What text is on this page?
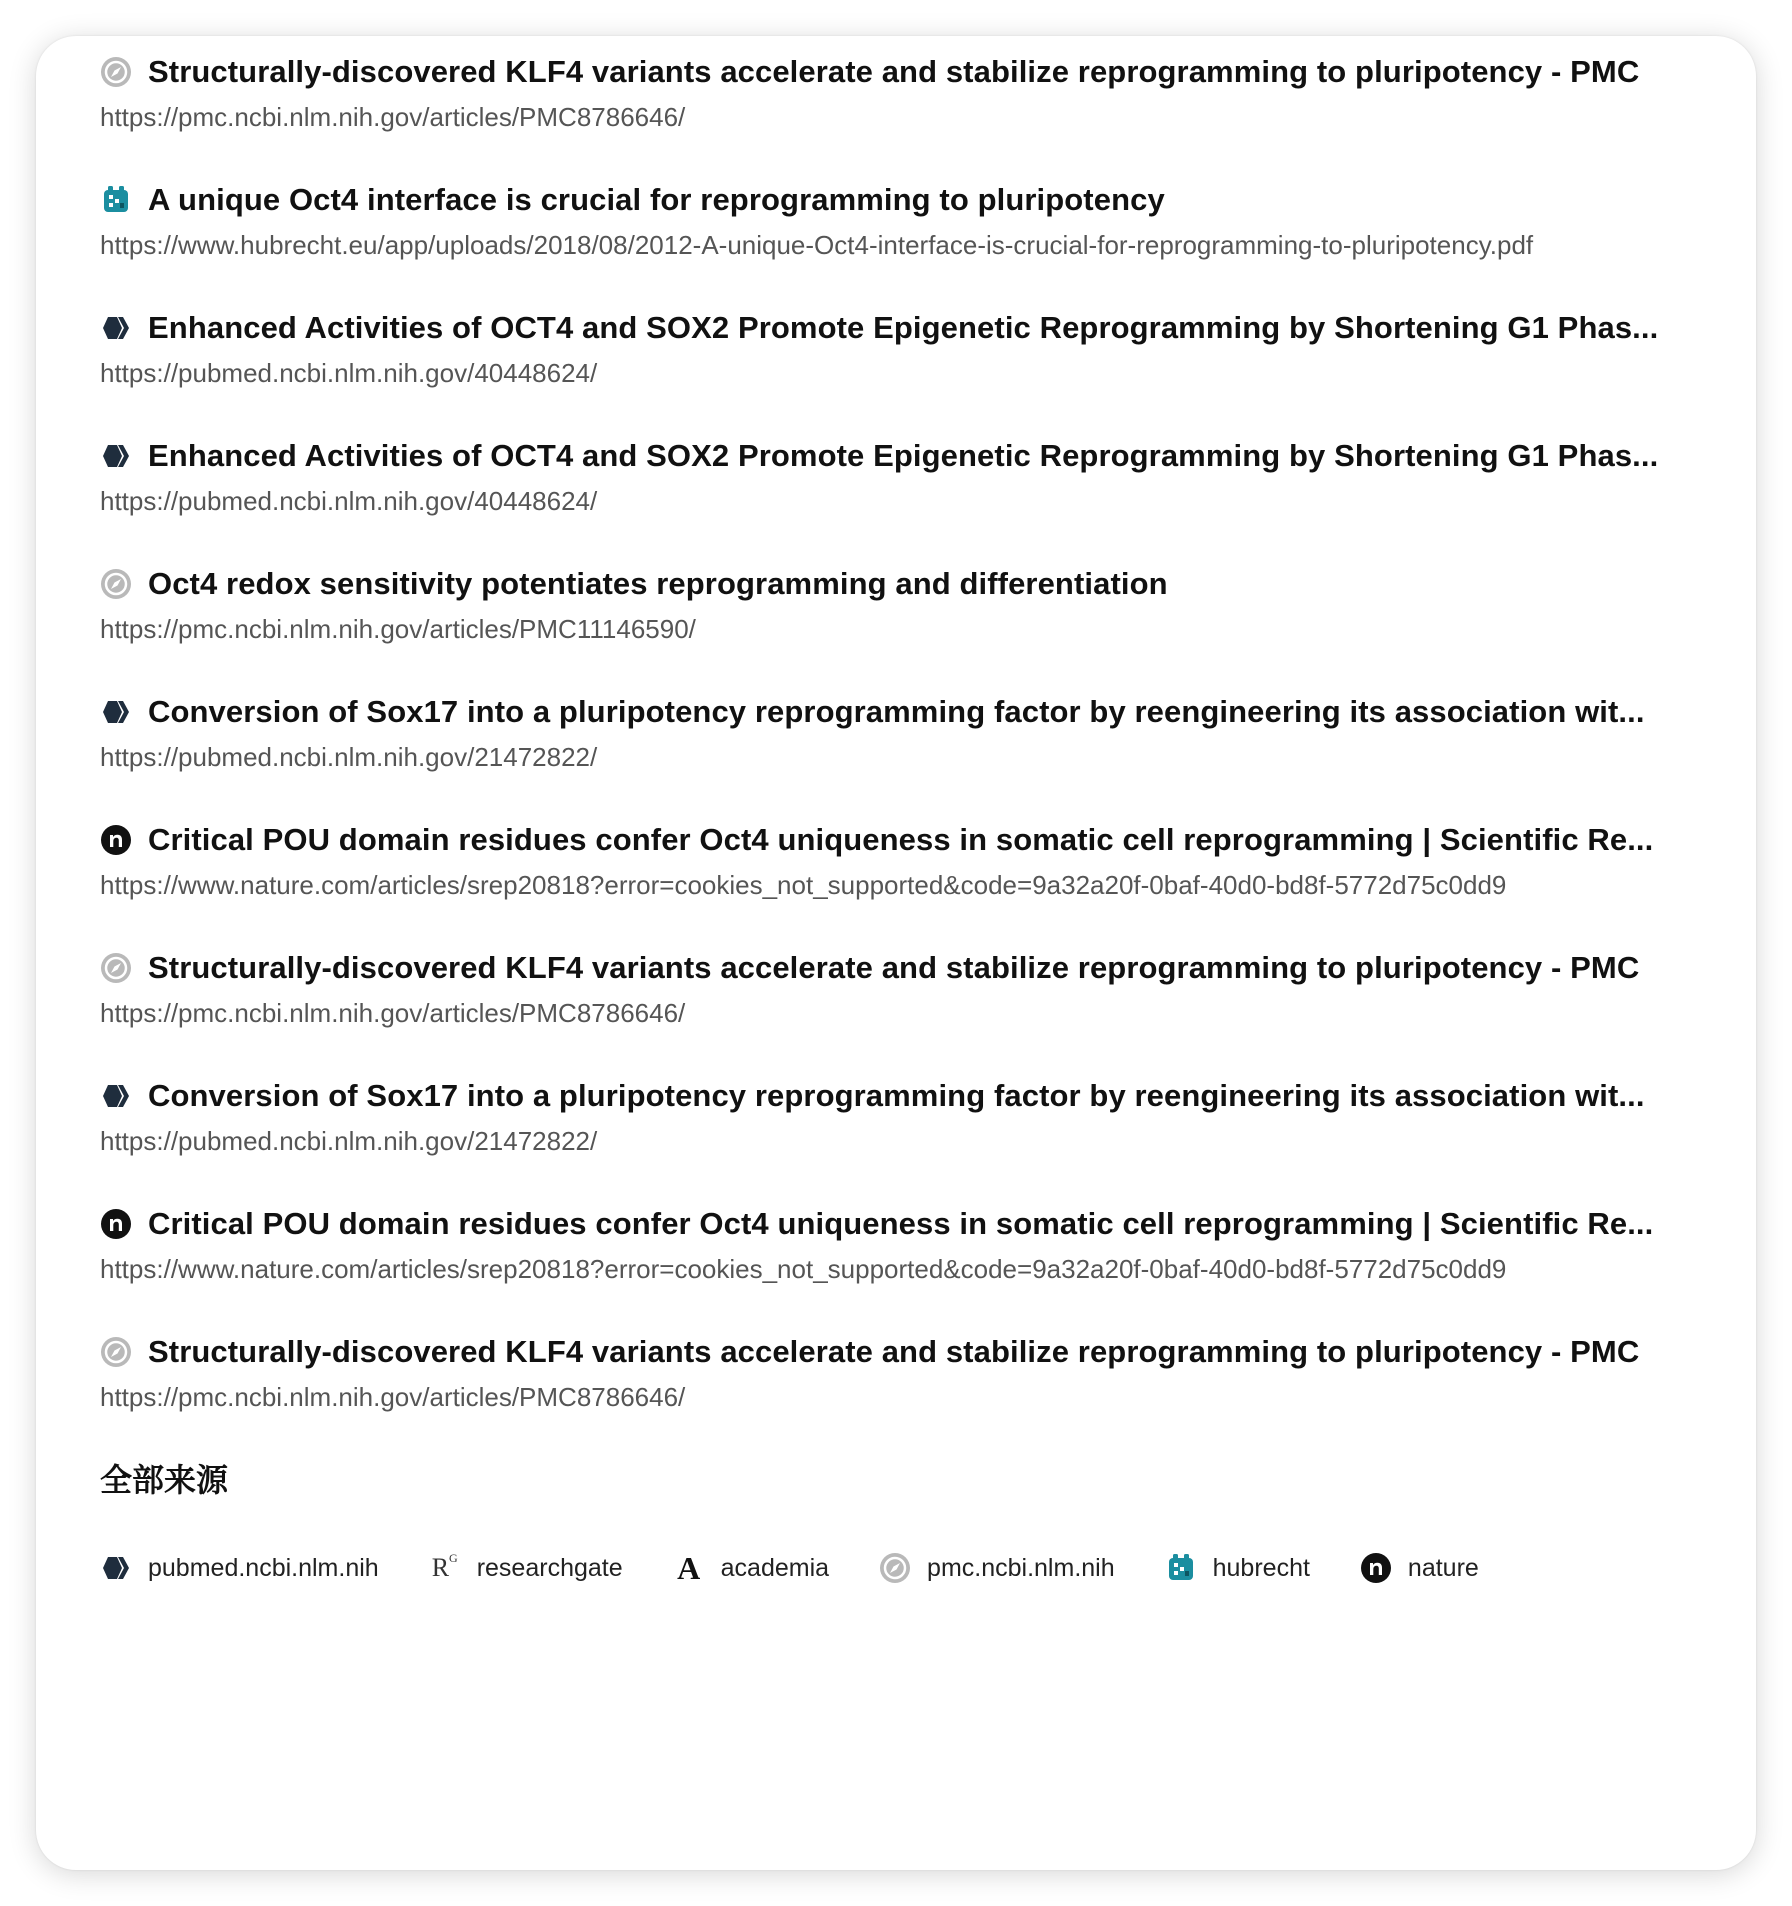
Structurally-discovered KLF4 variants accelerate and stabilize reprogramming to pluripotency - PMC
https://pmc.ncbi.nlm.nih.gov/articles/PMC8786646/
A unique Oct4 interface is crucial for reprogramming to pluripotency
https://www.hubrecht.eu/app/uploads/2018/08/2012-A-unique-Oct4-interface-is-crucial-for-reprogramming-to-pluripotency.pdf
Enhanced Activities of OCT4 and SOX2 Promote Epigenetic Reprogramming by Shortening G1 Phas...
https://pubmed.ncbi.nlm.nih.gov/40448624/
Enhanced Activities of OCT4 and SOX2 Promote Epigenetic Reprogramming by Shortening G1 Phas...
https://pubmed.ncbi.nlm.nih.gov/40448624/
Oct4 redox sensitivity potentiates reprogramming and differentiation
https://pmc.ncbi.nlm.nih.gov/articles/PMC11146590/
Conversion of Sox17 into a pluripotency reprogramming factor by reengineering its association wit...
https://pubmed.ncbi.nlm.nih.gov/21472822/
Critical POU domain residues confer Oct4 uniqueness in somatic cell reprogramming | Scientific Re...
https://www.nature.com/articles/srep20818?error=cookies_not_supported&code=9a32a20f-0baf-40d0-bd8f-5772d75c0dd9
Structurally-discovered KLF4 variants accelerate and stabilize reprogramming to pluripotency - PMC
https://pmc.ncbi.nlm.nih.gov/articles/PMC8786646/
Conversion of Sox17 into a pluripotency reprogramming factor by reengineering its association wit...
https://pubmed.ncbi.nlm.nih.gov/21472822/
Critical POU domain residues confer Oct4 uniqueness in somatic cell reprogramming | Scientific Re...
https://www.nature.com/articles/srep20818?error=cookies_not_supported&code=9a32a20f-0baf-40d0-bd8f-5772d75c0dd9
Structurally-discovered KLF4 variants accelerate and stabilize reprogramming to pluripotency - PMC
https://pmc.ncbi.nlm.nih.gov/articles/PMC8786646/
全部来源
pubmed.ncbi.nlm.nih $R^G$ researchgate A academia	pmc.ncbi.nlm.nih	hubrecht	nature
